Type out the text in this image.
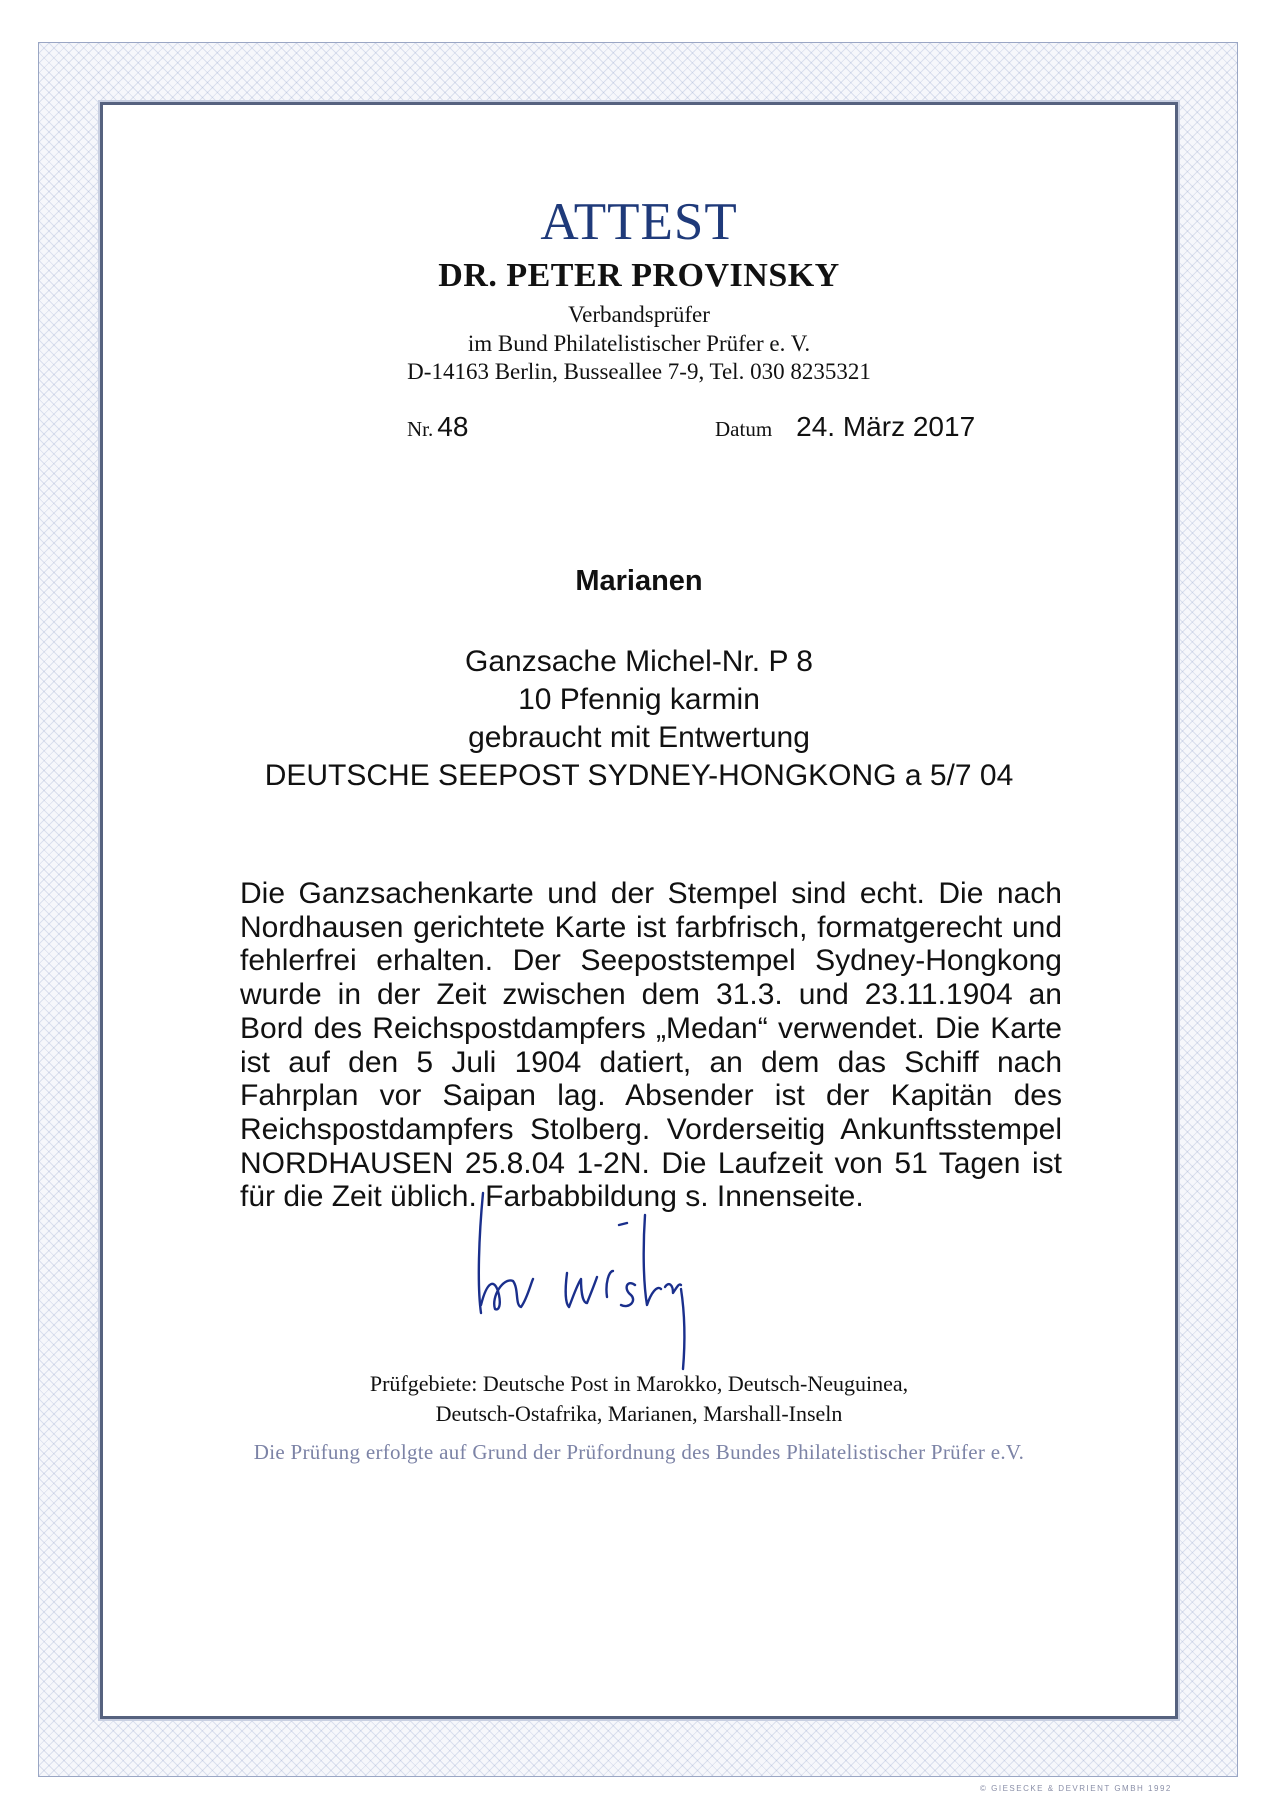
ATTEST
DR. PETER PROVINSKY
Verbandsprüfer
im Bund Philatelistischer Prüfer e. V.
D-14163 Berlin, Busseallee 7-9, Tel. 030 8235321
Nr. 48	Datum 24. März 2017
Marianen
Ganzsache Michel-Nr. P 8
10 Pfennig karmin
gebraucht mit Entwertung
DEUTSCHE SEEPOST SYDNEY-HONGKONG a 5/7 04
Die Ganzsachenkarte und der Stempel sind echt. Die nach Nordhausen gerichtete Karte ist farbfrisch, formatgerecht und fehlerfrei erhalten. Der Seepoststempel Sydney-Hongkong wurde in der Zeit zwischen dem 31.3. und 23.11.1904 an Bord des Reichspostdampfers „Medan“ verwendet. Die Karte ist auf den 5 Juli 1904 datiert, an dem das Schiff nach Fahrplan vor Saipan lag. Absender ist der Kapitän des Reichspostdampfers Stolberg. Vorderseitig Ankunftsstempel NORDHAUSEN 25.8.04 1-2N. Die Laufzeit von 51 Tagen ist für die Zeit üblich. Farbabbildung s. Innenseite.
Prüfgebiete: Deutsche Post in Marokko, Deutsch-Neuguinea,
Deutsch-Ostafrika, Marianen, Marshall-Inseln
Die Prüfung erfolgte auf Grund der Prüfordnung des Bundes Philatelistischer Prüfer e.V.
© GIESECKE & DEVRIENT GMBH 1992
